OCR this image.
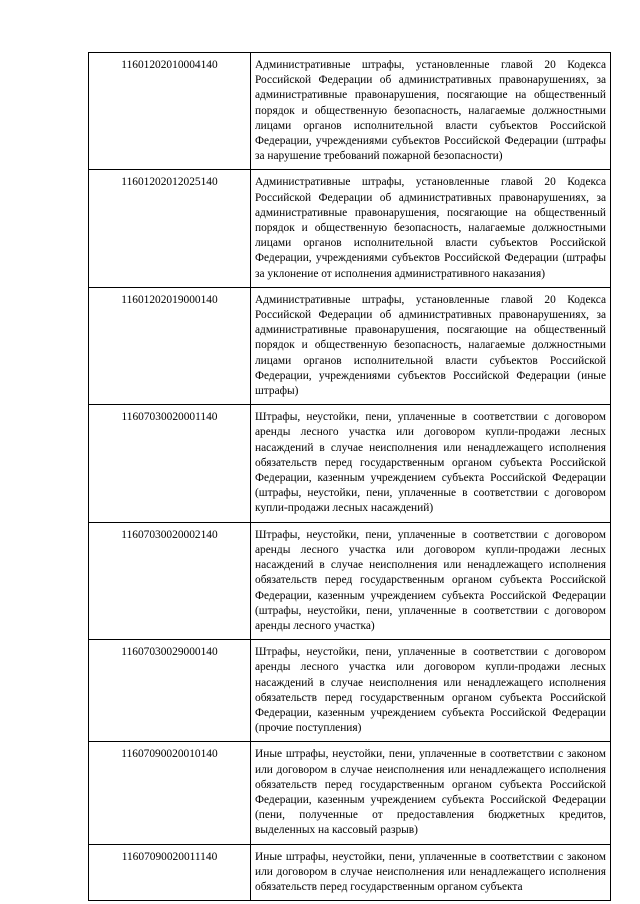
11601202010004140	Административные штрафы, установленные главой 20 Кодекса Российской Федерации об административных правонарушениях, за административные правонарушения, посягающие на общественный порядок и общественную безопасность, налагаемые должностными лицами органов исполнительной власти субъектов Российской Федерации, учреждениями субъектов Российской Федерации (штрафы за нарушение требований пожарной безопасности)
11601202012025140	Административные штрафы, установленные главой 20 Кодекса Российской Федерации об административных правонарушениях, за административные правонарушения, посягающие на общественный порядок и общественную безопасность, налагаемые должностными лицами органов исполнительной власти субъектов Российской Федерации, учреждениями субъектов Российской Федерации (штрафы за уклонение от исполнения административного наказания)
11601202019000140	Административные штрафы, установленные главой 20 Кодекса Российской Федерации об административных правонарушениях, за административные правонарушения, посягающие на общественный порядок и общественную безопасность, налагаемые должностными лицами органов исполнительной власти субъектов Российской Федерации, учреждениями субъектов Российской Федерации (иные штрафы)
11607030020001140	Штрафы, неустойки, пени, уплаченные в соответствии с договором аренды лесного участка или договором купли-продажи лесных насаждений в случае неисполнения или ненадлежащего исполнения обязательств перед государственным органом субъекта Российской Федерации, казенным учреждением субъекта Российской Федерации (штрафы, неустойки, пени, уплаченные в соответствии с договором купли-продажи лесных насаждений)
11607030020002140	Штрафы, неустойки, пени, уплаченные в соответствии с договором аренды лесного участка или договором купли-продажи лесных насаждений в случае неисполнения или ненадлежащего исполнения обязательств перед государственным органом субъекта Российской Федерации, казенным учреждением субъекта Российской Федерации (штрафы, неустойки, пени, уплаченные в соответствии с договором аренды лесного участка)
11607030029000140	Штрафы, неустойки, пени, уплаченные в соответствии с договором аренды лесного участка или договором купли-продажи лесных насаждений в случае неисполнения или ненадлежащего исполнения обязательств перед государственным органом субъекта Российской Федерации, казенным учреждением субъекта Российской Федерации (прочие поступления)
11607090020010140	Иные штрафы, неустойки, пени, уплаченные в соответствии с законом или договором в случае неисполнения или ненадлежащего исполнения обязательств перед государственным органом субъекта Российской Федерации, казенным учреждением субъекта Российской Федерации (пени, полученные от предоставления бюджетных кредитов, выделенных на кассовый разрыв)
11607090020011140	Иные штрафы, неустойки, пени, уплаченные в соответствии с законом или договором в случае неисполнения или ненадлежащего исполнения обязательств перед государственным органом субъекта
